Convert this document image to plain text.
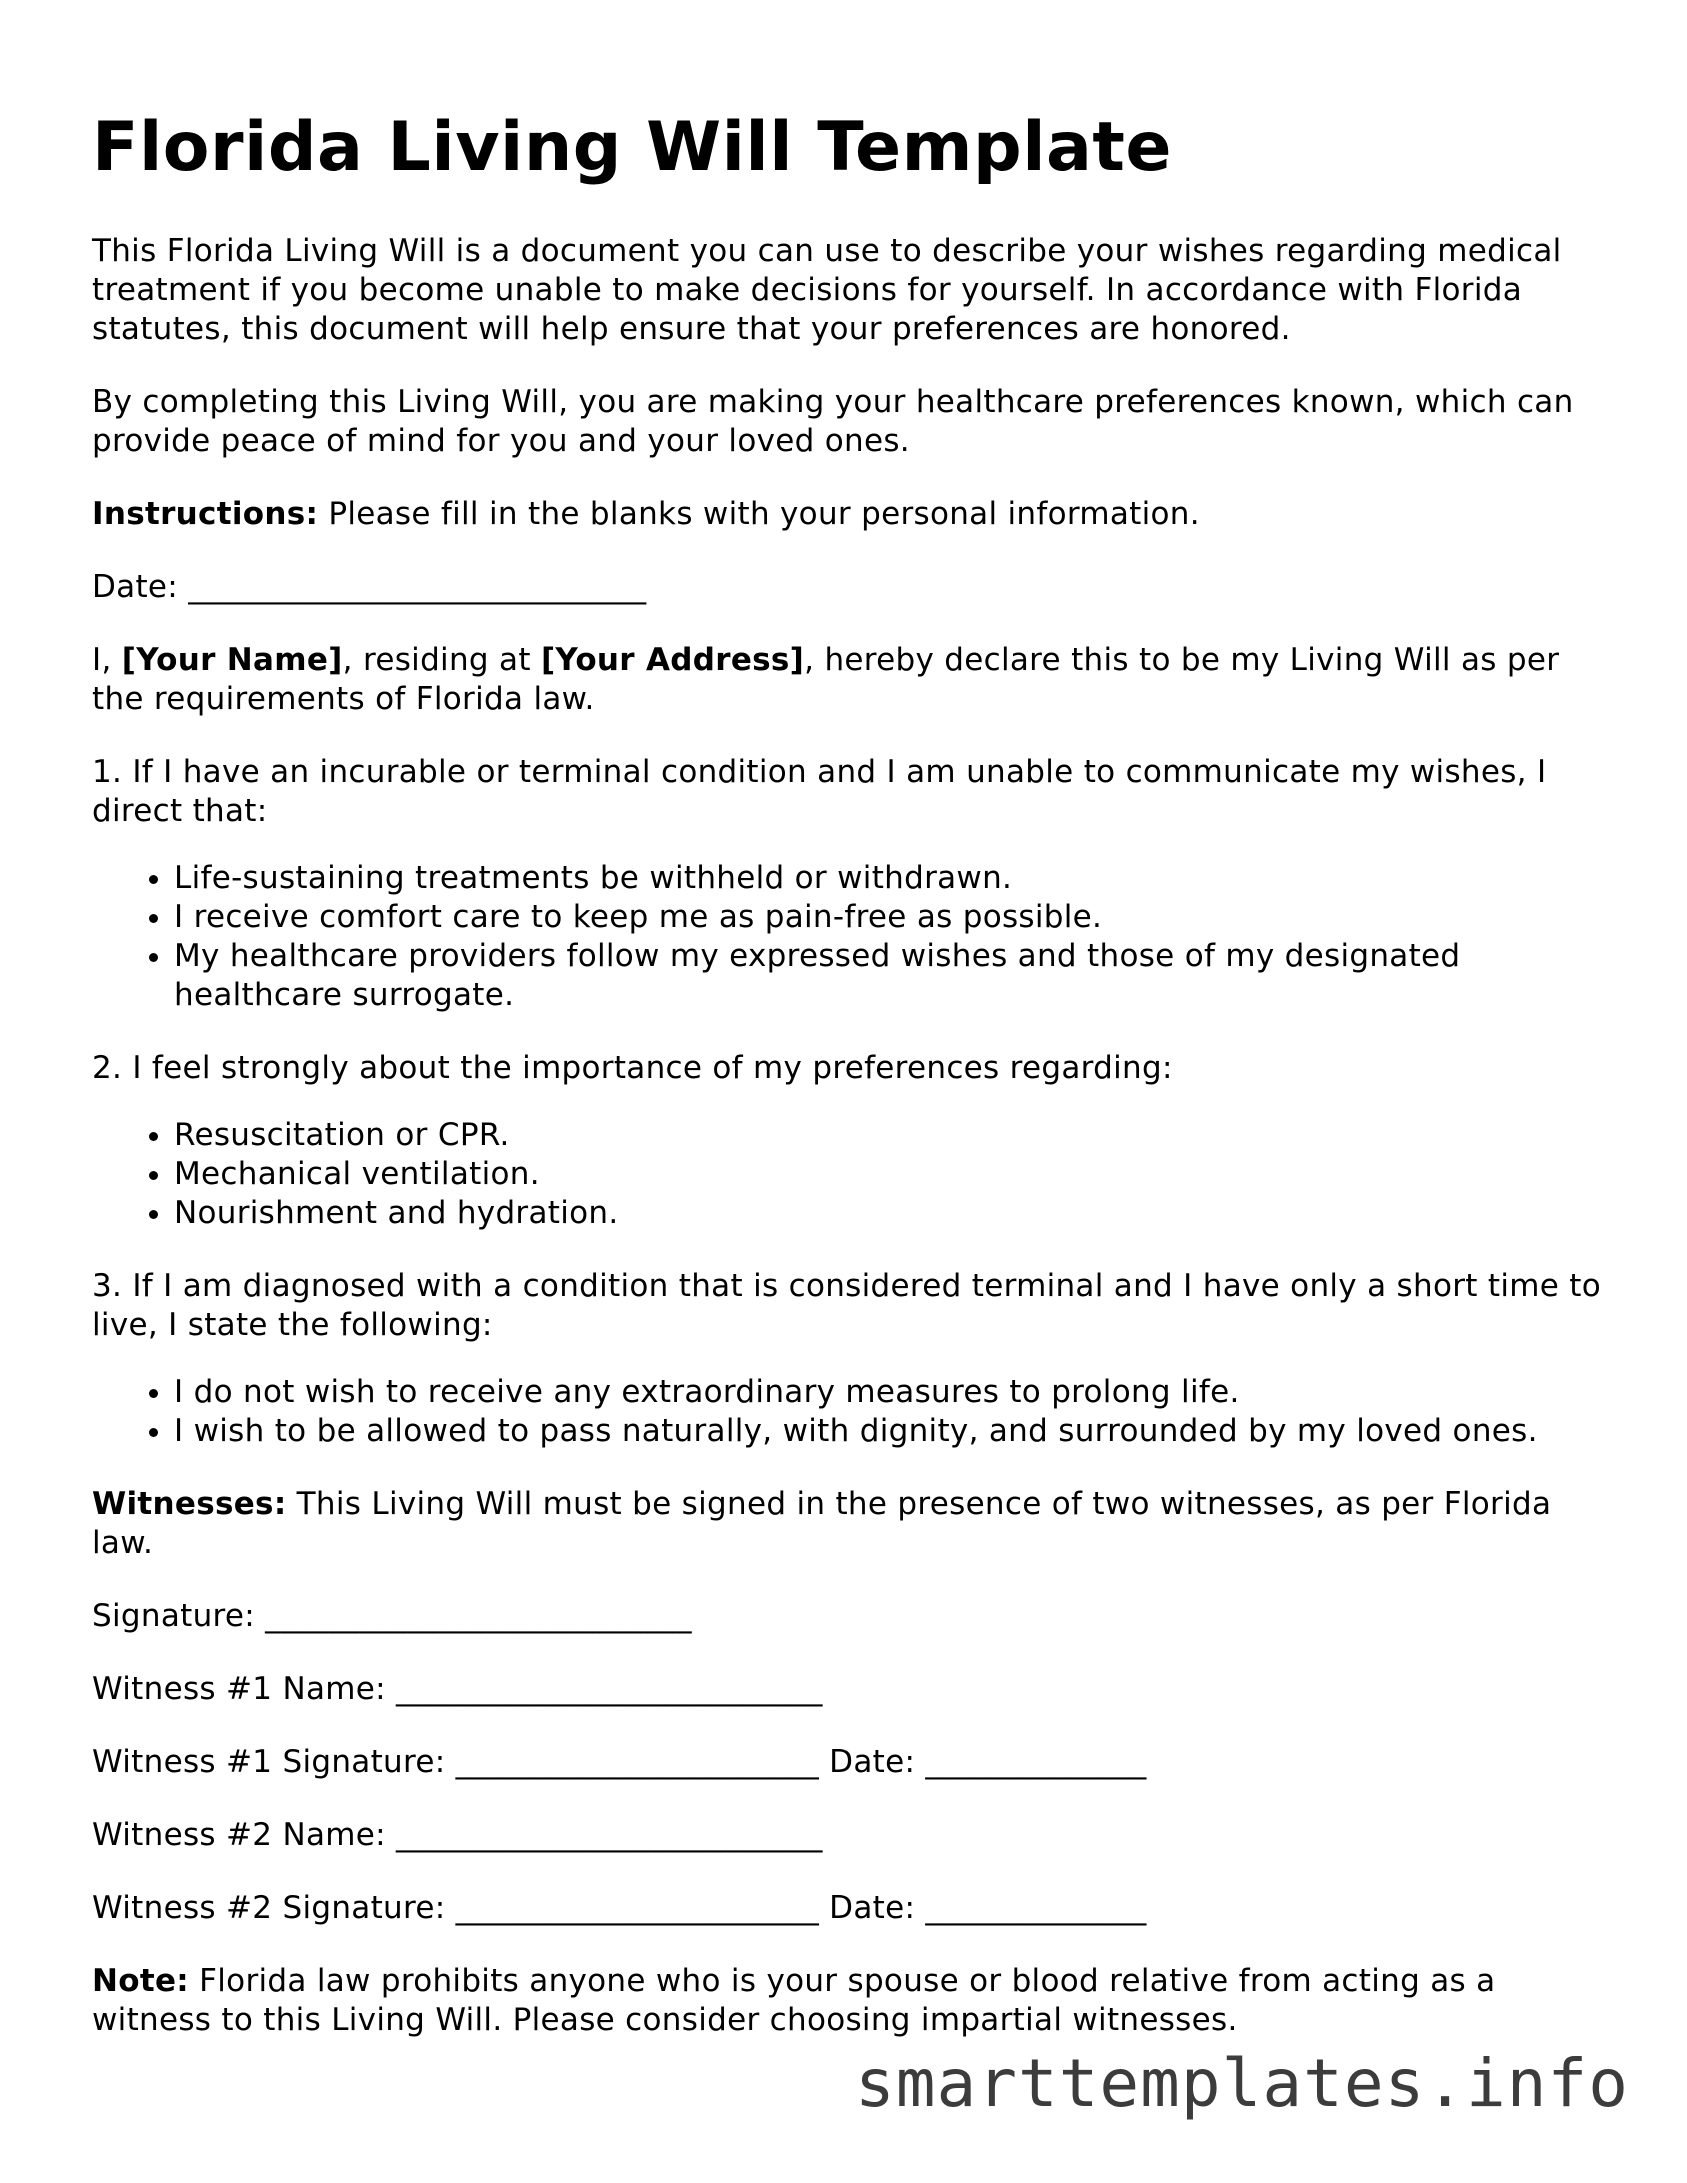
Florida Living Will Template

This Florida Living Will is a document you can use to describe your wishes regarding medical treatment if you become unable to make decisions for yourself. In accordance with Florida statutes, this document will help ensure that your preferences are honored.

By completing this Living Will, you are making your healthcare preferences known, which can provide peace of mind for you and your loved ones.

Instructions: Please fill in the blanks with your personal information.

Date: _____________________________

I, [Your Name], residing at [Your Address], hereby declare this to be my Living Will as per the requirements of Florida law.

1. If I have an incurable or terminal condition and I am unable to communicate my wishes, I direct that:

• Life-sustaining treatments be withheld or withdrawn.
• I receive comfort care to keep me as pain-free as possible.
• My healthcare providers follow my expressed wishes and those of my designated healthcare surrogate.

2. I feel strongly about the importance of my preferences regarding:

• Resuscitation or CPR.
• Mechanical ventilation.
• Nourishment and hydration.

3. If I am diagnosed with a condition that is considered terminal and I have only a short time to live, I state the following:

• I do not wish to receive any extraordinary measures to prolong life.
• I wish to be allowed to pass naturally, with dignity, and surrounded by my loved ones.

Witnesses: This Living Will must be signed in the presence of two witnesses, as per Florida law.

Signature: ___________________________

Witness #1 Name: ___________________________

Witness #1 Signature: _______________________ Date: ______________

Witness #2 Name: ___________________________

Witness #2 Signature: _______________________ Date: ______________

Note: Florida law prohibits anyone who is your spouse or blood relative from acting as a witness to this Living Will. Please consider choosing impartial witnesses.

smarttemplates.info
